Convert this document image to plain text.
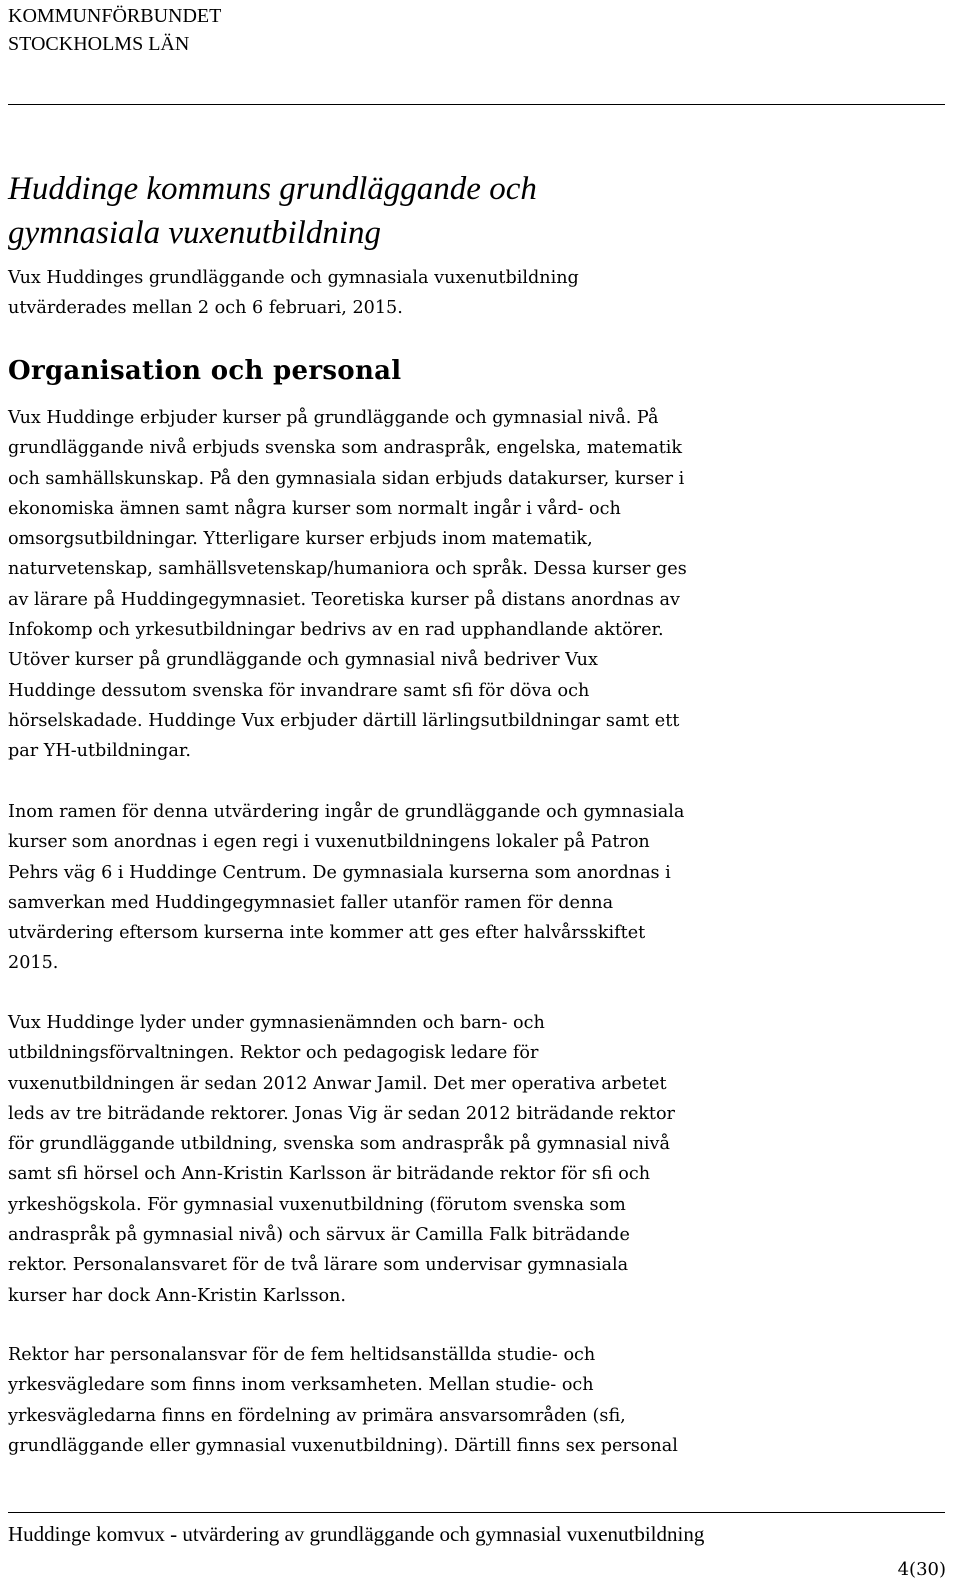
KOMMUNFÖRBUNDET
STOCKHOLMS LÄN
Huddinge kommuns grundläggande och
gymnasiala vuxenutbildning

Vux Huddinges grundläggande och gymnasiala vuxenutbildning
utvärderades mellan 2 och 6 februari, 2015.

Organisation och personal

Vux Huddinge erbjuder kurser på grundläggande och gymnasial nivå. På
grundläggande nivå erbjuds svenska som andraspråk, engelska, matematik
och samhällskunskap. På den gymnasiala sidan erbjuds datakurser, kurser i
ekonomiska ämnen samt några kurser som normalt ingår i vård- och
omsorgsutbildningar. Ytterligare kurser erbjuds inom matematik,
naturvetenskap, samhällsvetenskap/humaniora och språk. Dessa kurser ges
av lärare på Huddingegymnasiet. Teoretiska kurser på distans anordnas av
Infokomp och yrkesutbildningar bedrivs av en rad upphandlande aktörer.
Utöver kurser på grundläggande och gymnasial nivå bedriver Vux
Huddinge dessutom svenska för invandrare samt sfi för döva och
hörselskadade. Huddinge Vux erbjuder därtill lärlingsutbildningar samt ett
par YH-utbildningar.

Inom ramen för denna utvärdering ingår de grundläggande och gymnasiala
kurser som anordnas i egen regi i vuxenutbildningens lokaler på Patron
Pehrs väg 6 i Huddinge Centrum. De gymnasiala kurserna som anordnas i
samverkan med Huddingegymnasiet faller utanför ramen för denna
utvärdering eftersom kurserna inte kommer att ges efter halvårsskiftet
2015.

Vux Huddinge lyder under gymnasienämnden och barn- och
utbildningsförvaltningen. Rektor och pedagogisk ledare för
vuxenutbildningen är sedan 2012 Anwar Jamil. Det mer operativa arbetet
leds av tre biträdande rektorer. Jonas Vig är sedan 2012 biträdande rektor
för grundläggande utbildning, svenska som andraspråk på gymnasial nivå
samt sfi hörsel och Ann-Kristin Karlsson är biträdande rektor för sfi och
yrkeshögskola. För gymnasial vuxenutbildning (förutom svenska som
andraspråk på gymnasial nivå) och särvux är Camilla Falk biträdande
rektor. Personalansvaret för de två lärare som undervisar gymnasiala
kurser har dock Ann-Kristin Karlsson.

Rektor har personalansvar för de fem heltidsanställda studie- och
yrkesvägledare som finns inom verksamheten. Mellan studie- och
yrkesvägledarna finns en fördelning av primära ansvarsområden (sfi,
grundläggande eller gymnasial vuxenutbildning). Därtill finns sex personal

Huddinge komvux - utvärdering av grundläggande och gymnasial vuxenutbildning
4(30)
